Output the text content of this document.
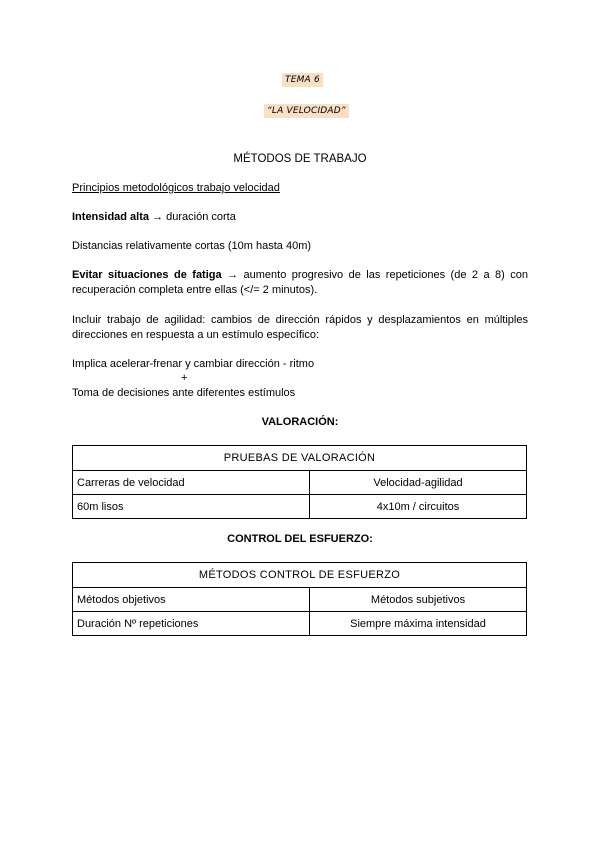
TEMA 6
“LA VELOCIDAD”
MÉTODOS DE TRABAJO
Principios metodológicos trabajo velocidad
Intensidad alta → duración corta
Distancias relativamente cortas (10m hasta 40m)
Evitar situaciones de fatiga → aumento progresivo de las repeticiones (de 2 a 8) con recuperación completa entre ellas (</= 2 minutos).
Incluir trabajo de agilidad: cambios de dirección rápidos y desplazamientos en múltiples direcciones en respuesta a un estímulo específico:
Implica acelerar-frenar y cambiar dirección - ritmo
+
Toma de decisiones ante diferentes estímulos
VALORACIÓN:
PRUEBAS DE VALORACIÓN	
Carreras de velocidad	Velocidad-agilidad
60m lisos	4x10m / circuitos
CONTROL DEL ESFUERZO:
MÉTODOS CONTROL DE ESFUERZO	
Métodos objetivos	Métodos subjetivos
Duración Nº repeticiones	Siempre máxima intensidad
